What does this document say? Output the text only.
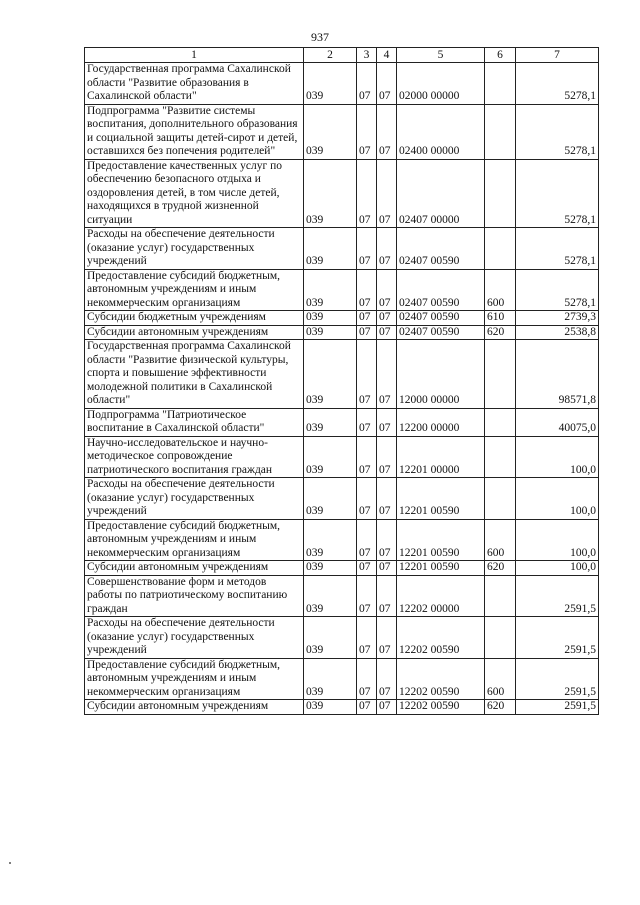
937
1	2	3	4	5	6	7
Государственная программа Сахалинской области "Развитие образования в Сахалинской области"	039	07	07	02000 00000		5278,1
Подпрограмма "Развитие системы воспитания, дополнительного образования и социальной защиты детей-сирот и детей, оставшихся без попечения родителей"	039	07	07	02400 00000		5278,1
Предоставление качественных услуг по обеспечению безопасного отдыха и оздоровления детей, в том числе детей, находящихся в трудной жизненной ситуации	039	07	07	02407 00000		5278,1
Расходы на обеспечение деятельности (оказание услуг) государственных учреждений	039	07	07	02407 00590		5278,1
Предоставление субсидий бюджетным, автономным учреждениям и иным некоммерческим организациям	039	07	07	02407 00590	600	5278,1
Субсидии бюджетным учреждениям	039	07	07	02407 00590	610	2739,3
Субсидии автономным учреждениям	039	07	07	02407 00590	620	2538,8
Государственная программа Сахалинской области "Развитие физической культуры, спорта и повышение эффективности молодежной политики в Сахалинской области"	039	07	07	12000 00000		98571,8
Подпрограмма "Патриотическое воспитание в Сахалинской области"	039	07	07	12200 00000		40075,0
Научно-исследовательское и научно-методическое сопровождение патриотического воспитания граждан	039	07	07	12201 00000		100,0
Расходы на обеспечение деятельности (оказание услуг) государственных учреждений	039	07	07	12201 00590		100,0
Предоставление субсидий бюджетным, автономным учреждениям и иным некоммерческим организациям	039	07	07	12201 00590	600	100,0
Субсидии автономным учреждениям	039	07	07	12201 00590	620	100,0
Совершенствование форм и методов работы по патриотическому воспитанию граждан	039	07	07	12202 00000		2591,5
Расходы на обеспечение деятельности (оказание услуг) государственных учреждений	039	07	07	12202 00590		2591,5
Предоставление субсидий бюджетным, автономным учреждениям и иным некоммерческим организациям	039	07	07	12202 00590	600	2591,5
Субсидии автономным учреждениям	039	07	07	12202 00590	620	2591,5
